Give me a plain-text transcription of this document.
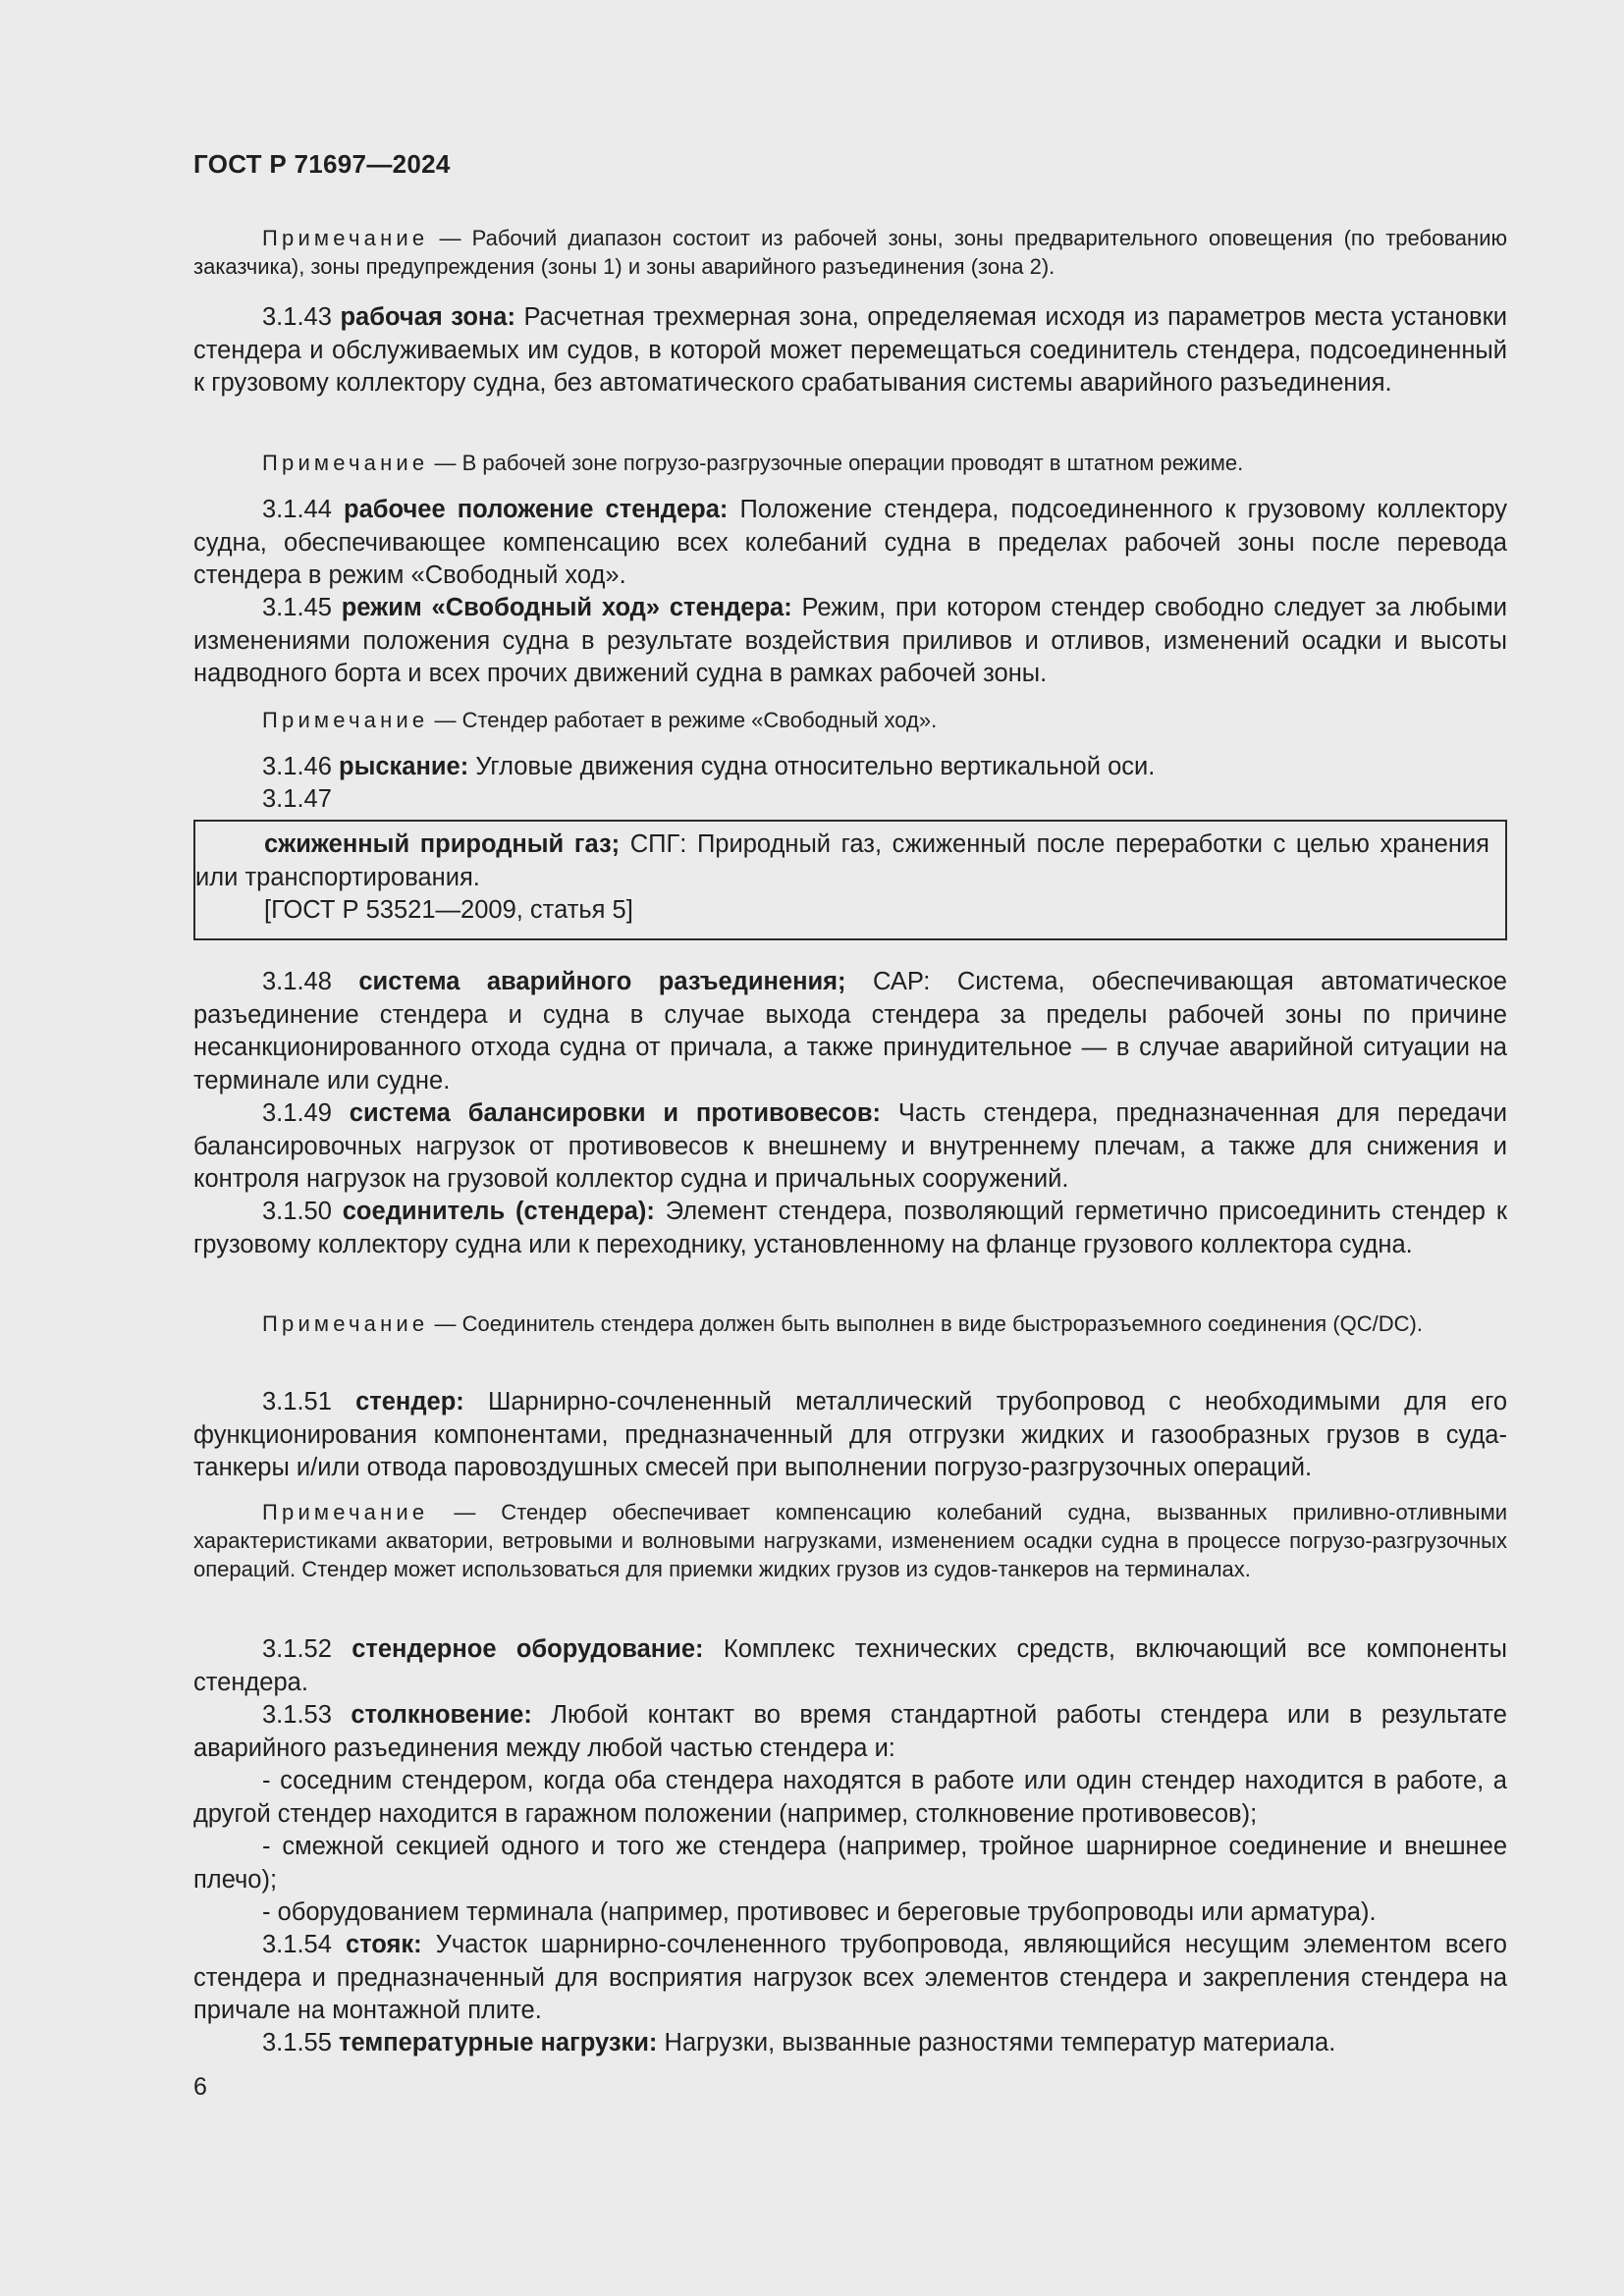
ГОСТ Р 71697—2024
Примечание — Рабочий диапазон состоит из рабочей зоны, зоны предварительного оповещения (по требованию заказчика), зоны предупреждения (зоны 1) и зоны аварийного разъединения (зона 2).
3.1.43 рабочая зона: Расчетная трехмерная зона, определяемая исходя из параметров места установки стендера и обслуживаемых им судов, в которой может перемещаться соединитель стендера, подсоединенный к грузовому коллектору судна, без автоматического срабатывания системы аварийного разъединения.
Примечание — В рабочей зоне погрузо-разгрузочные операции проводят в штатном режиме.
3.1.44 рабочее положение стендера: Положение стендера, подсоединенного к грузовому коллектору судна, обеспечивающее компенсацию всех колебаний судна в пределах рабочей зоны после перевода стендера в режим «Свободный ход».
3.1.45 режим «Свободный ход» стендера: Режим, при котором стендер свободно следует за любыми изменениями положения судна в результате воздействия приливов и отливов, изменений осадки и высоты надводного борта и всех прочих движений судна в рамках рабочей зоны.
Примечание — Стендер работает в режиме «Свободный ход».
3.1.46 рыскание: Угловые движения судна относительно вертикальной оси.
3.1.47
сжиженный природный газ; СПГ: Природный газ, сжиженный после переработки с целью хранения или транспортирования.
[ГОСТ Р 53521—2009, статья 5]
3.1.48 система аварийного разъединения; САР: Система, обеспечивающая автоматическое разъединение стендера и судна в случае выхода стендера за пределы рабочей зоны по причине несанкционированного отхода судна от причала, а также принудительное — в случае аварийной ситуации на терминале или судне.
3.1.49 система балансировки и противовесов: Часть стендера, предназначенная для передачи балансировочных нагрузок от противовесов к внешнему и внутреннему плечам, а также для снижения и контроля нагрузок на грузовой коллектор судна и причальных сооружений.
3.1.50 соединитель (стендера): Элемент стендера, позволяющий герметично присоединить стендер к грузовому коллектору судна или к переходнику, установленному на фланце грузового коллектора судна.
Примечание — Соединитель стендера должен быть выполнен в виде быстроразъемного соединения (QC/DC).
3.1.51 стендер: Шарнирно-сочлененный металлический трубопровод с необходимыми для его функционирования компонентами, предназначенный для отгрузки жидких и газообразных грузов в суда-танкеры и/или отвода паровоздушных смесей при выполнении погрузо-разгрузочных операций.
Примечание — Стендер обеспечивает компенсацию колебаний судна, вызванных приливно-отливными характеристиками акватории, ветровыми и волновыми нагрузками, изменением осадки судна в процессе погрузо-разгрузочных операций. Стендер может использоваться для приемки жидких грузов из судов-танкеров на терминалах.
3.1.52 стендерное оборудование: Комплекс технических средств, включающий все компоненты стендера.
3.1.53 столкновение: Любой контакт во время стандартной работы стендера или в результате аварийного разъединения между любой частью стендера и:
- соседним стендером, когда оба стендера находятся в работе или один стендер находится в работе, а другой стендер находится в гаражном положении (например, столкновение противовесов);
- смежной секцией одного и того же стендера (например, тройное шарнирное соединение и внешнее плечо);
- оборудованием терминала (например, противовес и береговые трубопроводы или арматура).
3.1.54 стояк: Участок шарнирно-сочлененного трубопровода, являющийся несущим элементом всего стендера и предназначенный для восприятия нагрузок всех элементов стендера и закрепления стендера на причале на монтажной плите.
3.1.55 температурные нагрузки: Нагрузки, вызванные разностями температур материала.
6
